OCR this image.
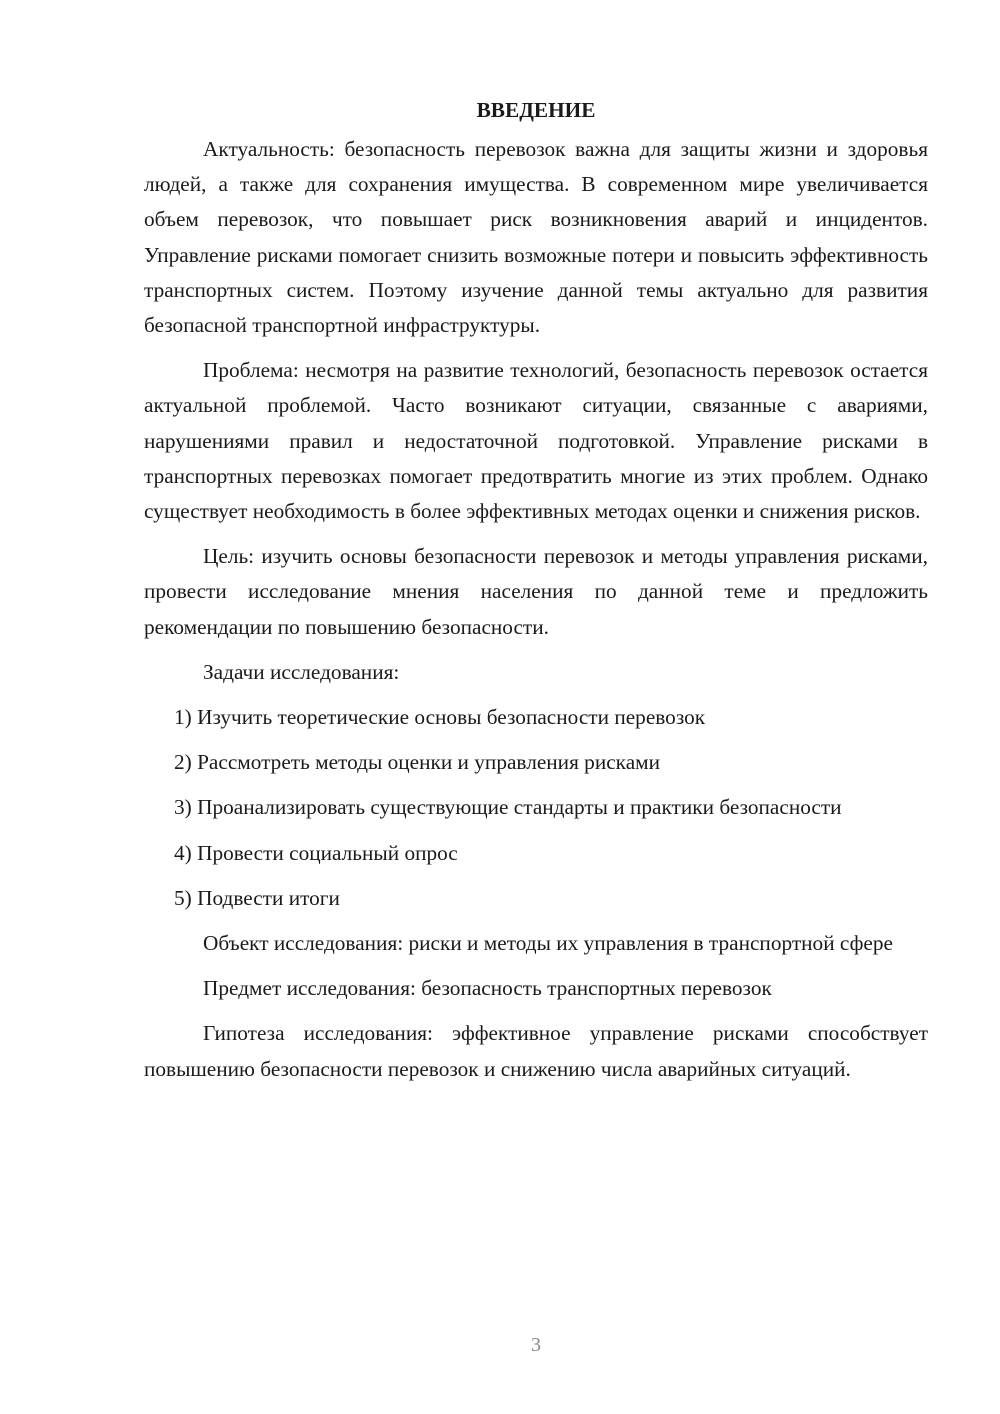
ВВЕДЕНИЕ

Актуальность: безопасность перевозок важна для защиты жизни и здоровья людей, а также для сохранения имущества. В современном мире увеличивается объем перевозок, что повышает риск возникновения аварий и инцидентов. Управление рисками помогает снизить возможные потери и повысить эффективность транспортных систем. Поэтому изучение данной темы актуально для развития безопасной транспортной инфраструктуры.

Проблема: несмотря на развитие технологий, безопасность перевозок остается актуальной проблемой. Часто возникают ситуации, связанные с авариями, нарушениями правил и недостаточной подготовкой. Управление рисками в транспортных перевозках помогает предотвратить многие из этих проблем. Однако существует необходимость в более эффективных методах оценки и снижения рисков.

Цель: изучить основы безопасности перевозок и методы управления рисками, провести исследование мнения населения по данной теме и предложить рекомендации по повышению безопасности.

Задачи исследования:

1) Изучить теоретические основы безопасности перевозок

2) Рассмотреть методы оценки и управления рисками

3) Проанализировать существующие стандарты и практики безопасности

4) Провести социальный опрос

5) Подвести итоги

Объект исследования: риски и методы их управления в транспортной сфере

Предмет исследования: безопасность транспортных перевозок

Гипотеза исследования: эффективное управление рисками способствует повышению безопасности перевозок и снижению числа аварийных ситуаций.

3
